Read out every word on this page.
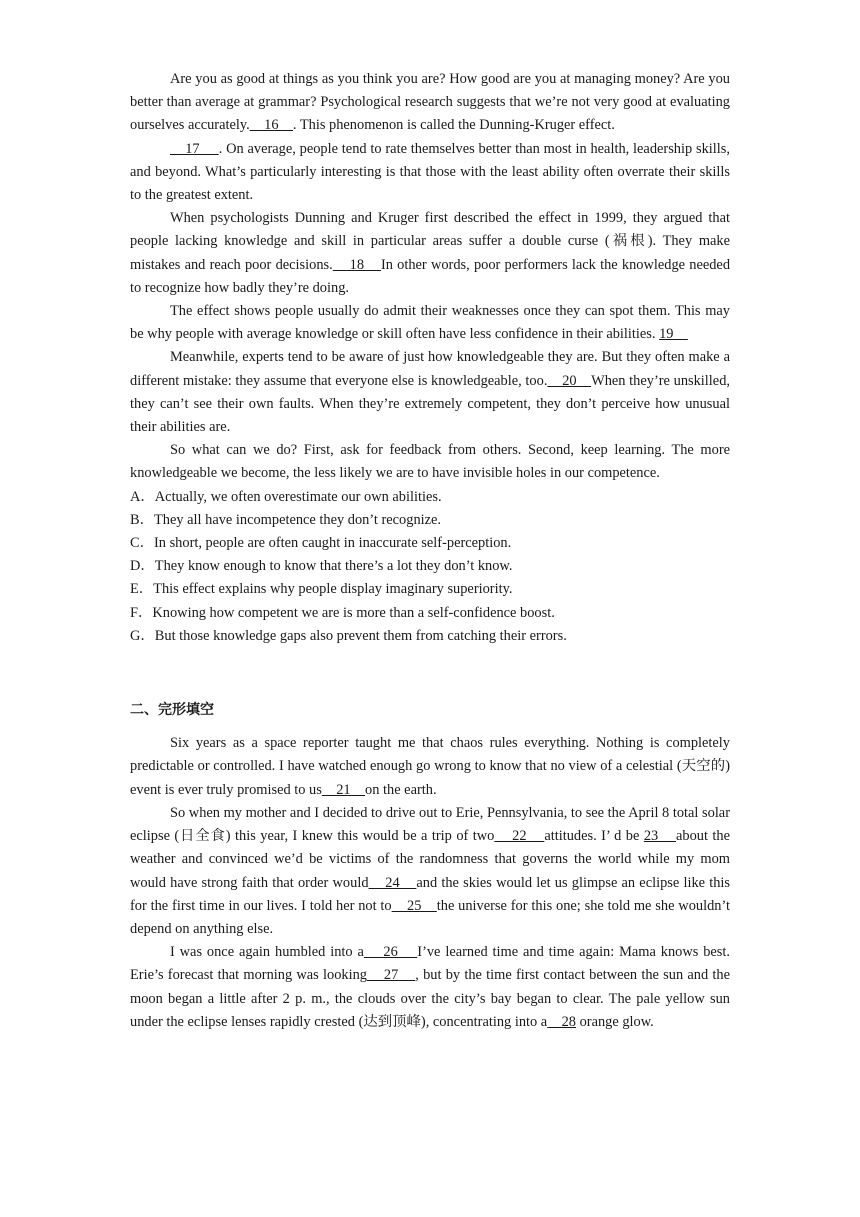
Are you as good at things as you think you are? How good are you at managing money? Are you better than average at grammar? Psychological research suggests that we’re not very good at evaluating ourselves accurately.    16    . This phenomenon is called the Dunning-Kruger effect.

17     . On average, people tend to rate themselves better than most in health, leadership skills, and beyond. What’s particularly interesting is that those with the least ability often overrate their skills to the greatest extent.

When psychologists Dunning and Kruger first described the effect in 1999, they argued that people lacking knowledge and skill in particular areas suffer a double curse (祸根). They make mistakes and reach poor decisions.    18    In other words, poor performers lack the knowledge needed to recognize how badly they’re doing.

The effect shows people usually do admit their weaknesses once they can spot them. This may be why people with average knowledge or skill often have less confidence in their abilities. 19

Meanwhile, experts tend to be aware of just how knowledgeable they are. But they often make a different mistake: they assume that everyone else is knowledgeable, too.    20    When they’re unskilled, they can’t see their own faults. When they’re extremely competent, they don’t perceive how unusual their abilities are.

So what can we do? First, ask for feedback from others. Second, keep learning. The more knowledgeable we become, the less likely we are to have invisible holes in our competence.

A．Actually, we often overestimate our own abilities.

B．They all have incompetence they don’t recognize.

C．In short, people are often caught in inaccurate self-perception.

D．They know enough to know that there’s a lot they don’t know.

E．This effect explains why people display imaginary superiority.

F．Knowing how competent we are is more than a self-confidence boost.

G．But those knowledge gaps also prevent them from catching their errors.

二、完形填空

Six years as a space reporter taught me that chaos rules everything. Nothing is completely predictable or controlled. I have watched enough go wrong to know that no view of a celestial (天空的) event is ever truly promised to us    21    on the earth.

So when my mother and I decided to drive out to Erie, Pennsylvania, to see the April 8 total solar eclipse (日全食) this year, I knew this would be a trip of two    22    attitudes. I’ d be 23    about the weather and convinced we’d be victims of the randomness that governs the world while my mom would have strong faith that order would    24    and the skies would let us glimpse an eclipse like this for the first time in our lives. I told her not to    25    the universe for this one; she told me she wouldn’t depend on anything else.

I was once again humbled into a    26    I’ve learned time and time again: Mama knows best. Erie’s forecast that morning was looking    27    , but by the time first contact between the sun and the moon began a little after 2 p. m., the clouds over the city’s bay began to clear. The pale yellow sun under the eclipse lenses rapidly crested (达到顶峰), concentrating into a    28 orange glow.
